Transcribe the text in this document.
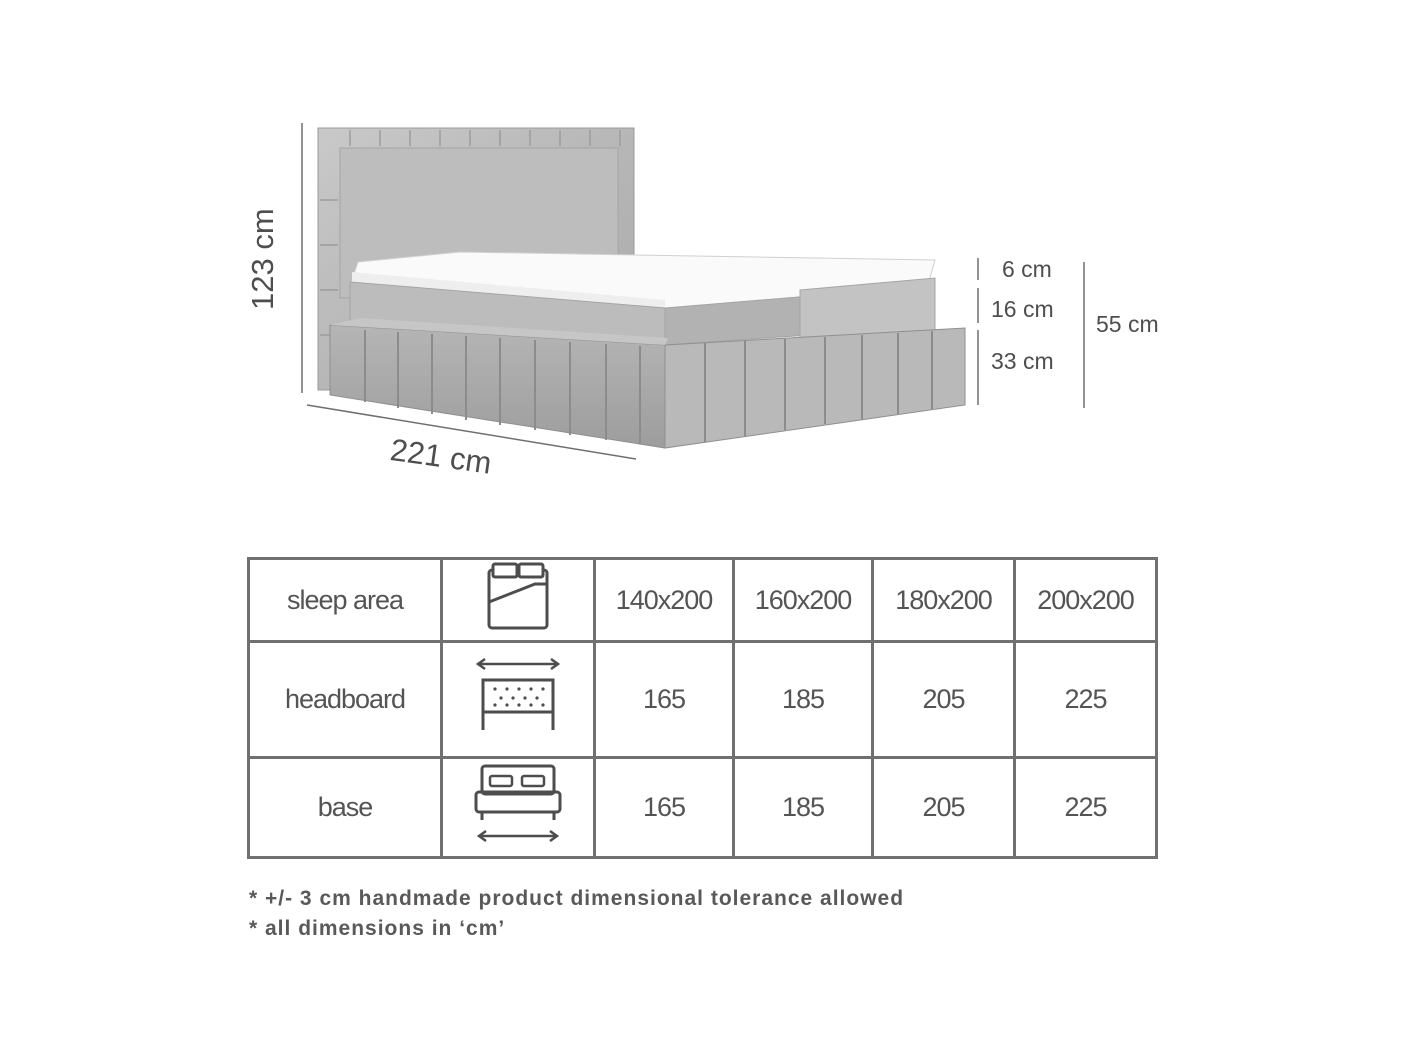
123 cm
221 cm
6 cm
16 cm
33 cm
55 cm
sleep area		140x200	160x200	180x200	200x200
headboard		165	185	205	225
base		165	185	205	225
* +/- 3 cm handmade product dimensional tolerance allowed
* all dimensions in ‘cm’
